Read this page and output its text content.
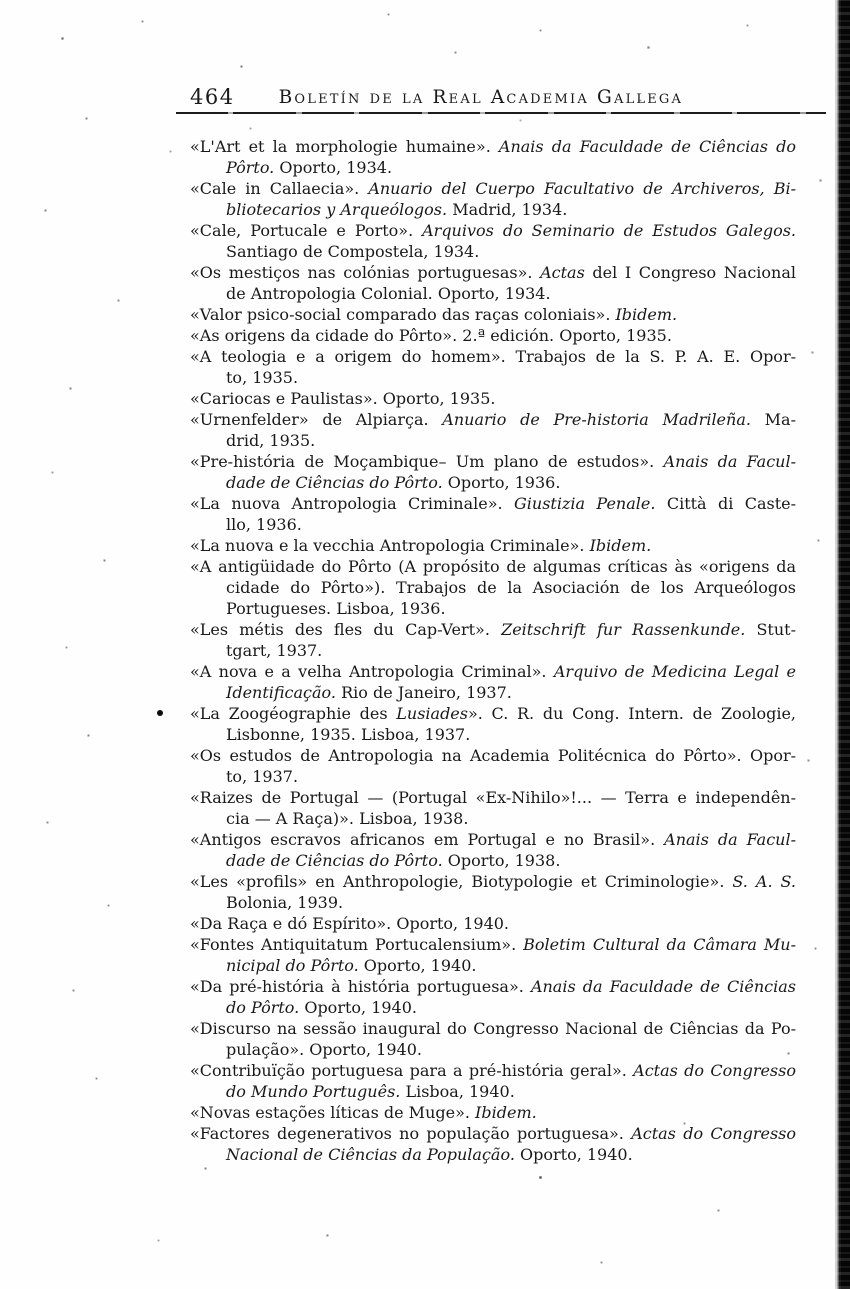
464 Boletín de la Real Academia Gallega
«L'Art et la morphologie humaine». Anais da Faculdade de Ciências do
Pôrto. Oporto, 1934.
«Cale in Callaecia». Anuario del Cuerpo Facultativo de Archiveros, Bi-
bliotecarios y Arqueólogos. Madrid, 1934.
«Cale, Portucale e Porto». Arquivos do Seminario de Estudos Galegos.
Santiago de Compostela, 1934.
«Os mestiços nas colónias portuguesas». Actas del I Congreso Nacional
de Antropologia Colonial. Oporto, 1934.
«Valor psico-social comparado das raças coloniais». Ibidem.
«As origens da cidade do Pôrto». 2.ª edición. Oporto, 1935.
«A teologia e a origem do homem». Trabajos de la S. P. A. E. Opor-
to, 1935.
«Cariocas e Paulistas». Oporto, 1935.
«Urnenfelder» de Alpiarça. Anuario de Pre-historia Madrileña. Ma-
drid, 1935.
«Pre-história de Moçambique– Um plano de estudos». Anais da Facul-
dade de Ciências do Pôrto. Oporto, 1936.
«La nuova Antropologia Criminale». Giustizia Penale. Città di Caste-
llo, 1936.
«La nuova e la vecchia Antropologia Criminale». Ibidem.
«A antigüidade do Pôrto (A propósito de algumas críticas às «origens da
cidade do Pôrto»). Trabajos de la Asociación de los Arqueólogos
Portugueses. Lisboa, 1936.
«Les métis des fles du Cap-Vert». Zeitschrift fur Rassenkunde. Stut-
tgart, 1937.
«A nova e a velha Antropologia Criminal». Arquivo de Medicina Legal e
Identificação. Rio de Janeiro, 1937.
«La Zoogéographie des Lusiades». C. R. du Cong. Intern. de Zoologie,
Lisbonne, 1935. Lisboa, 1937.
«Os estudos de Antropologia na Academia Politécnica do Pôrto». Opor-
to, 1937.
«Raizes de Portugal — (Portugal «Ex-Nihilo»!... — Terra e independên-
cia — A Raça)». Lisboa, 1938.
«Antigos escravos africanos em Portugal e no Brasil». Anais da Facul-
dade de Ciências do Pôrto. Oporto, 1938.
«Les «profils» en Anthropologie, Biotypologie et Criminologie». S. A. S.
Bolonia, 1939.
«Da Raça e dó Espírito». Oporto, 1940.
«Fontes Antiquitatum Portucalensium». Boletim Cultural da Câmara Mu-
nicipal do Pôrto. Oporto, 1940.
«Da pré-história à história portuguesa». Anais da Faculdade de Ciências
do Pôrto. Oporto, 1940.
«Discurso na sessão inaugural do Congresso Nacional de Ciências da Po-
pulação». Oporto, 1940.
«Contribuïção portuguesa para a pré-história geral». Actas do Congresso
do Mundo Português. Lisboa, 1940.
«Novas estações líticas de Muge». Ibidem.
«Factores degenerativos no população portuguesa». Actas do Congresso
Nacional de Ciências da População. Oporto, 1940.
